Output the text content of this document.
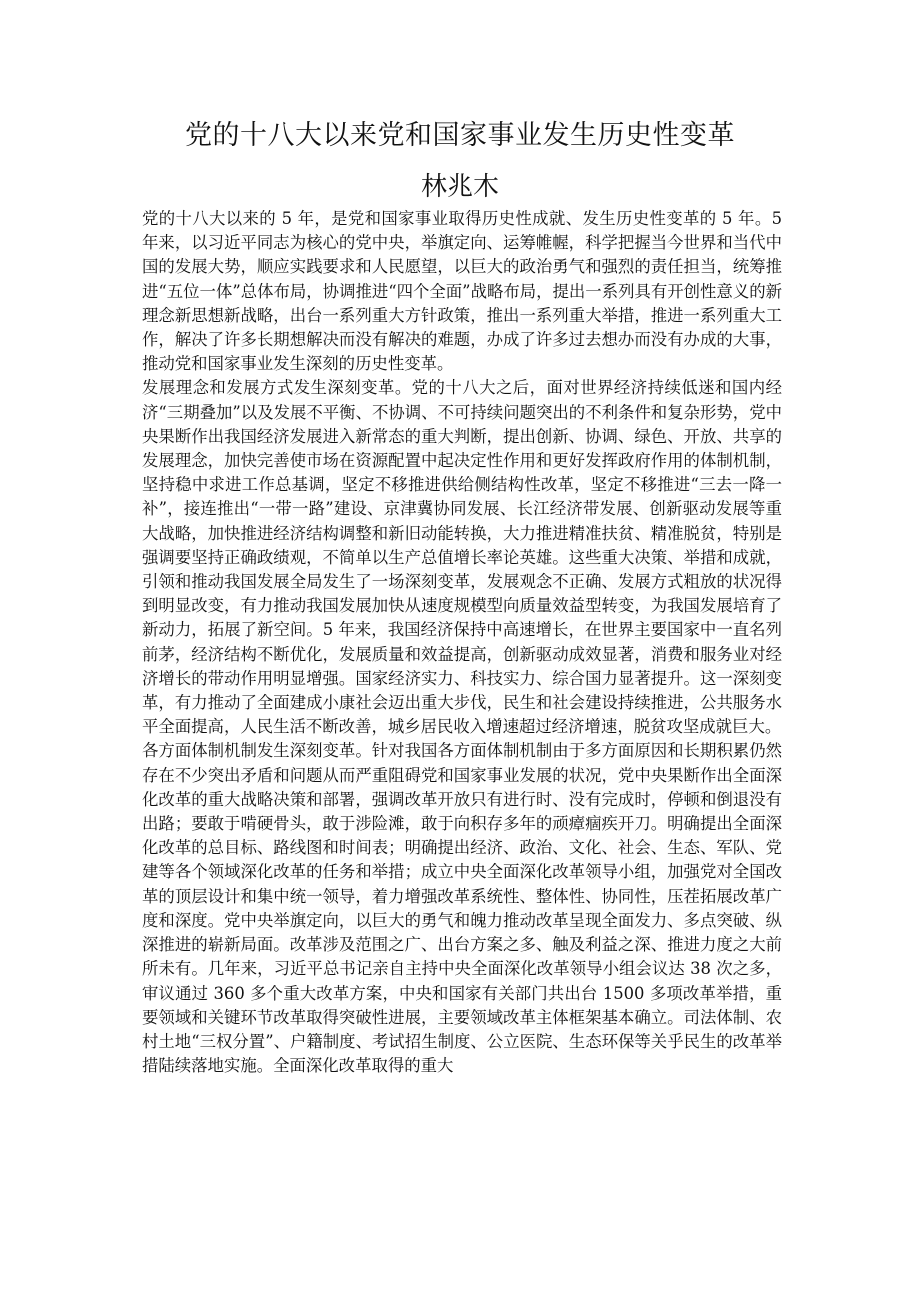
党的十八大以来党和国家事业发生历史性变革
林兆木

党的十八大以来的 5 年，是党和国家事业取得历史性成就、发生历史性变革的 5 年。5 年来，以习近平同志为核心的党中央，举旗定向、运筹帷幄，科学把握当今世界和当代中国的发展大势，顺应实践要求和人民愿望，以巨大的政治勇气和强烈的责任担当，统筹推进“五位一体”总体布局，协调推进“四个全面”战略布局，提出一系列具有开创性意义的新理念新思想新战略，出台一系列重大方针政策，推出一系列重大举措，推进一系列重大工作，解决了许多长期想解决而没有解决的难题，办成了许多过去想办而没有办成的大事，推动党和国家事业发生深刻的历史性变革。

发展理念和发展方式发生深刻变革。党的十八大之后，面对世界经济持续低迷和国内经济“三期叠加”以及发展不平衡、不协调、不可持续问题突出的不利条件和复杂形势，党中央果断作出我国经济发展进入新常态的重大判断，提出创新、协调、绿色、开放、共享的发展理念，加快完善使市场在资源配置中起决定性作用和更好发挥政府作用的体制机制，坚持稳中求进工作总基调，坚定不移推进供给侧结构性改革，坚定不移推进“三去一降一补”，接连推出“一带一路”建设、京津冀协同发展、长江经济带发展、创新驱动发展等重大战略，加快推进经济结构调整和新旧动能转换，大力推进精准扶贫、精准脱贫，特别是强调要坚持正确政绩观，不简单以生产总值增长率论英雄。这些重大决策、举措和成就，引领和推动我国发展全局发生了一场深刻变革，发展观念不正确、发展方式粗放的状况得到明显改变，有力推动我国发展加快从速度规模型向质量效益型转变，为我国发展培育了新动力，拓展了新空间。5 年来，我国经济保持中高速增长，在世界主要国家中一直名列前茅，经济结构不断优化，发展质量和效益提高，创新驱动成效显著，消费和服务业对经济增长的带动作用明显增强。国家经济实力、科技实力、综合国力显著提升。这一深刻变革，有力推动了全面建成小康社会迈出重大步伐，民生和社会建设持续推进，公共服务水平全面提高，人民生活不断改善，城乡居民收入增速超过经济增速，脱贫攻坚成就巨大。

各方面体制机制发生深刻变革。针对我国各方面体制机制由于多方面原因和长期积累仍然存在不少突出矛盾和问题从而严重阻碍党和国家事业发展的状况，党中央果断作出全面深化改革的重大战略决策和部署，强调改革开放只有进行时、没有完成时，停顿和倒退没有出路；要敢于啃硬骨头，敢于涉险滩，敢于向积存多年的顽瘴痼疾开刀。明确提出全面深化改革的总目标、路线图和时间表；明确提出经济、政治、文化、社会、生态、军队、党建等各个领域深化改革的任务和举措；成立中央全面深化改革领导小组，加强党对全国改革的顶层设计和集中统一领导，着力增强改革系统性、整体性、协同性，压茬拓展改革广度和深度。党中央举旗定向，以巨大的勇气和魄力推动改革呈现全面发力、多点突破、纵深推进的崭新局面。改革涉及范围之广、出台方案之多、触及利益之深、推进力度之大前所未有。几年来，习近平总书记亲自主持中央全面深化改革领导小组会议达 38 次之多，审议通过 360 多个重大改革方案，中央和国家有关部门共出台 1500 多项改革举措，重要领域和关键环节改革取得突破性进展，主要领域改革主体框架基本确立。司法体制、农村土地“三权分置”、户籍制度、考试招生制度、公立医院、生态环保等关乎民生的改革举措陆续落地实施。全面深化改革取得的重大
